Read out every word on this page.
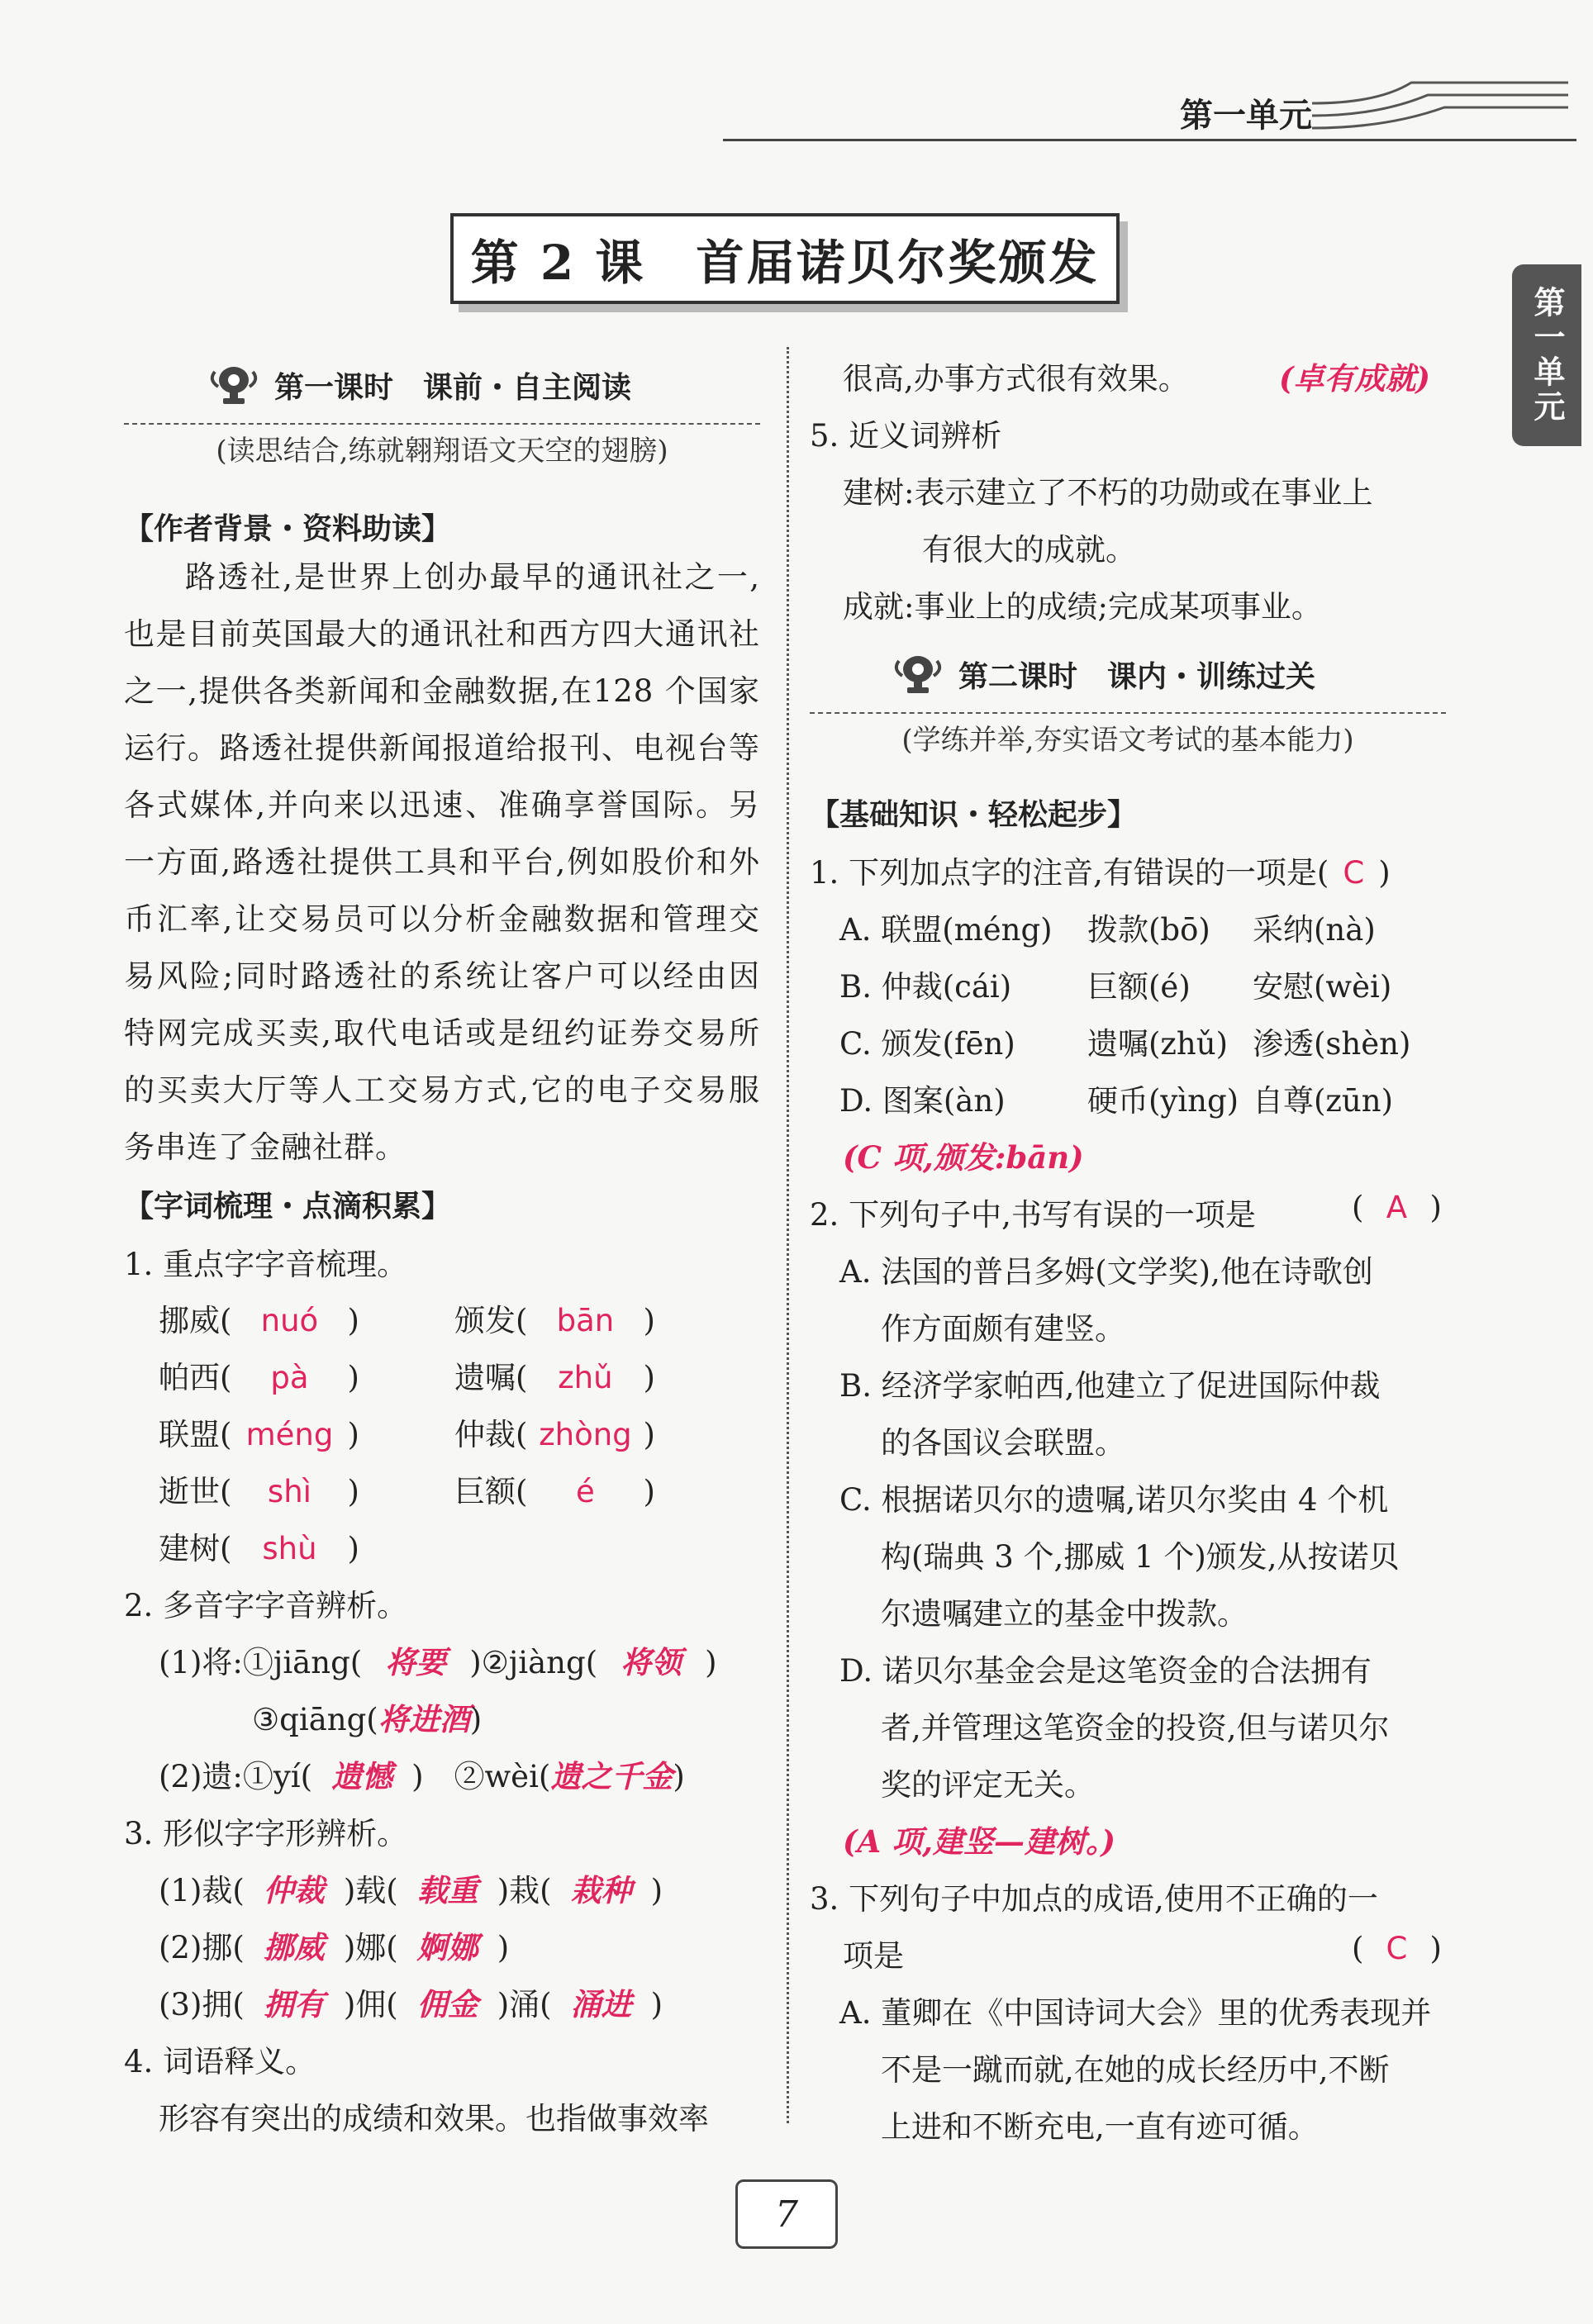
第一单元
第一单元
第 2 课　首届诺贝尔奖颁发
第一课时　课前・自主阅读
(读思结合,练就翱翔语文天空的翅膀)
【作者背景・资料助读】
路透社,是世界上创办最早的通讯社之一,也是目前英国最大的通讯社和西方四大通讯社之一,提供各类新闻和金融数据,在128 个国家运行。路透社提供新闻报道给报刊、电视台等各式媒体,并向来以迅速、准确享誉国际。另一方面,路透社提供工具和平台,例如股价和外币汇率,让交易员可以分析金融数据和管理交易风险;同时路透社的系统让客户可以经由因特网完成买卖,取代电话或是纽约证券交易所的买卖大厅等人工交易方式,它的电子交易服务串连了金融社群。
【字词梳理・点滴积累】
1. 重点字字音梳理。
挪威( nuó )	颁发( bān )
帕西( pà )	遗嘱( zhǔ )
联盟( méng )	仲裁( zhòng )
逝世( shì )	巨额( é )
建树( shù )
2. 多音字字音辨析。
(1)将:①jiāng( 将要 )②jiàng( 将领 )
③qiāng(将进酒)
(2)遗:①yí( 遗憾 )　②wèi(遗之千金)
3. 形似字字形辨析。
(1)裁( 仲裁 )载( 载重 )栽( 栽种 )
(2)挪( 挪威 )娜( 婀娜 )
(3)拥( 拥有 )佣( 佣金 )涌( 涌进 )
4. 词语释义。
形容有突出的成绩和效果。也指做事效率
很高,办事方式很有效果。	(卓有成就)
5. 近义词辨析
建树:表示建立了不朽的功勋或在事业上
有很大的成就。
成就:事业上的成绩;完成某项事业。
第二课时　课内・训练过关
(学练并举,夯实语文考试的基本能力)
【基础知识・轻松起步】
1. 下列加点字的注音,有错误的一项是( C )
A. 联盟(méng) 拨款(bō) 采纳(nà)
B. 仲裁(cái) 巨额(é) 安慰(wèi)
C. 颁发(fēn) 遗嘱(zhǔ) 渗透(shèn)
D. 图案(àn)	硬币(yìng) 自尊(zūn)
(C 项,颁发:bān)
2. 下列句子中,书写有误的一项是	( A )
A. 法国的普吕多姆(文学奖),他在诗歌创
作方面颇有建竖。
B. 经济学家帕西,他建立了促进国际仲裁
的各国议会联盟。
C. 根据诺贝尔的遗嘱,诺贝尔奖由 4 个机
构(瑞典 3 个,挪威 1 个)颁发,从按诺贝
尔遗嘱建立的基金中拨款。
D. 诺贝尔基金会是这笔资金的合法拥有
者,并管理这笔资金的投资,但与诺贝尔
奖的评定无关。
(A 项,建竖—建树。)
3. 下列句子中加点的成语,使用不正确的一
项是	( C )
A. 董卿在《中国诗词大会》里的优秀表现并
不是一蹴而就,在她的成长经历中,不断
上进和不断充电,一直有迹可循。
7
